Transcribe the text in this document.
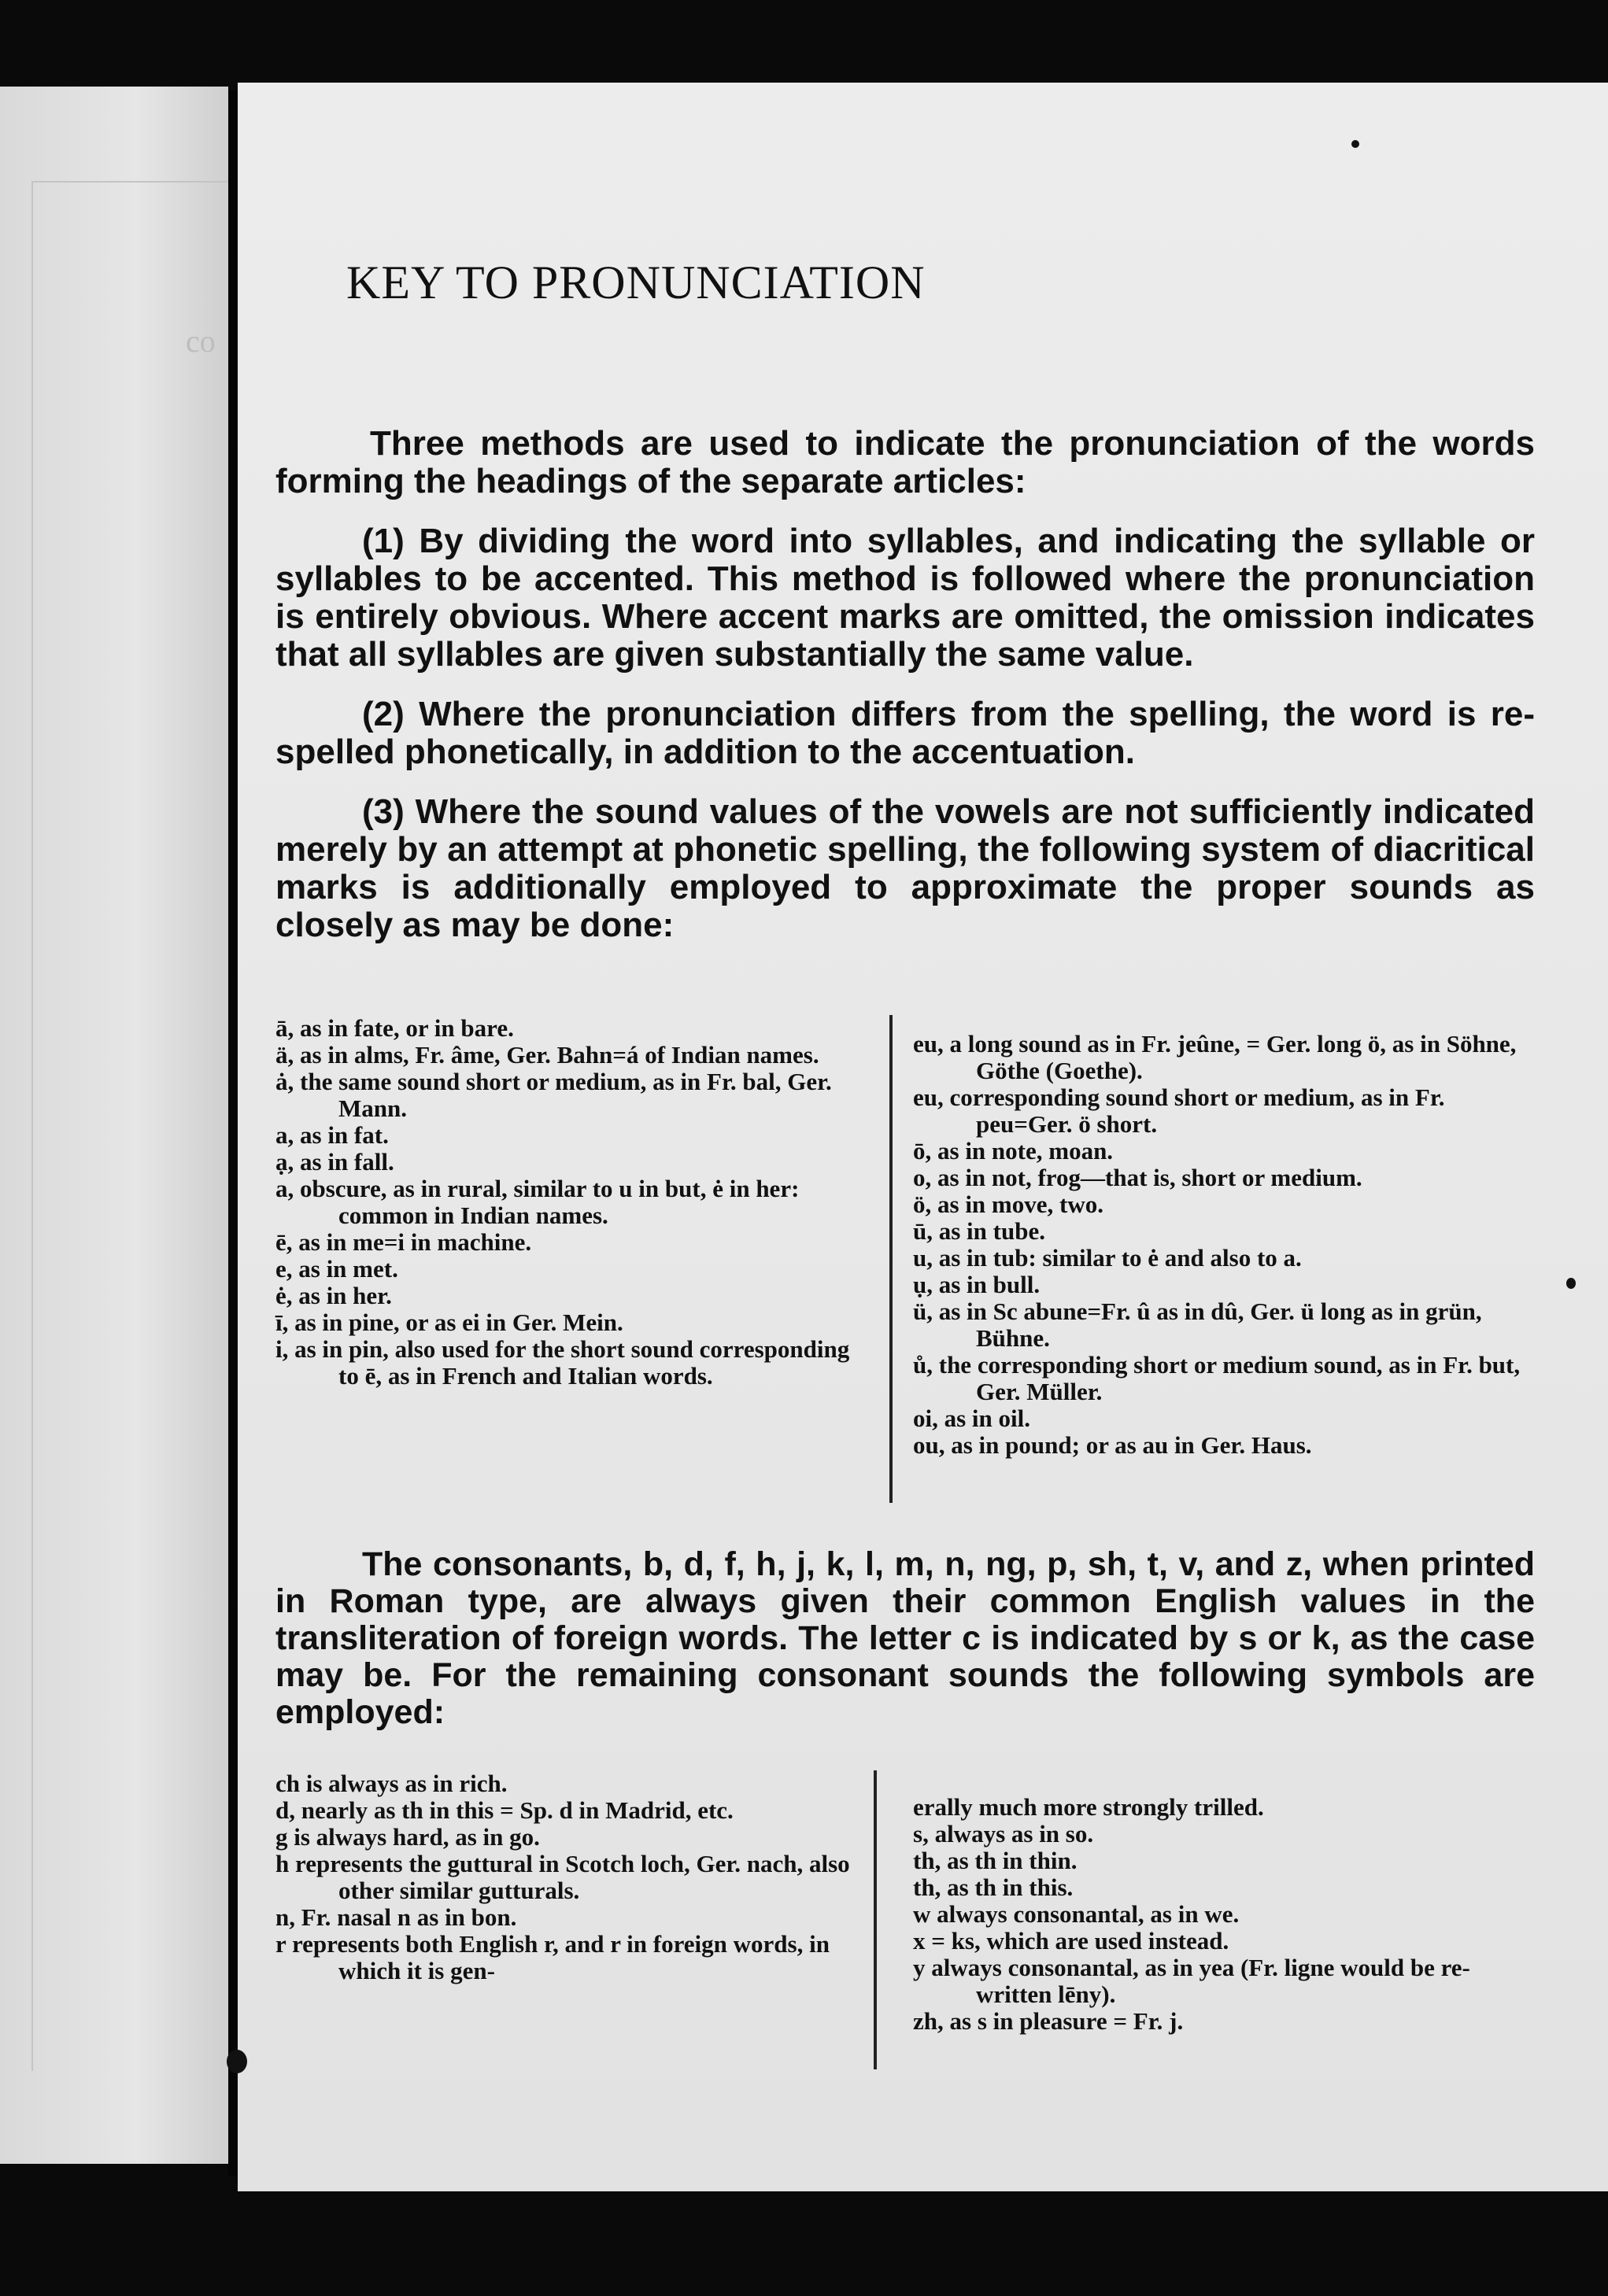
co
KEY TO PRONUNCIATION

Three methods are used to indicate the pronunciation of the words forming the headings of the separate articles:

(1) By dividing the word into syllables, and indicating the syllable or syllables to be accented. This method is followed where the pronunciation is entirely obvious. Where accent marks are omitted, the omission indicates that all syllables are given substantially the same value.

(2) Where the pronunciation differs from the spelling, the word is re-spelled phonetically, in addition to the accentuation.

(3) Where the sound values of the vowels are not sufficiently indicated merely by an attempt at phonetic spelling, the following system of diacritical marks is additionally employed to approximate the proper sounds as closely as may be done:

ā, as in fate, or in bare.

ä, as in alms, Fr. âme, Ger. Bahn=á of Indian names.

ȧ, the same sound short or medium, as in Fr. bal, Ger. Mann.

a, as in fat.

ạ, as in fall.

a, obscure, as in rural, similar to u in but, ė in her: common in Indian names.

ē, as in me=i in machine.

e, as in met.

ė, as in her.

ī, as in pine, or as ei in Ger. Mein.

i, as in pin, also used for the short sound corresponding to ē, as in French and Italian words.

eu, a long sound as in Fr. jeûne, = Ger. long ö, as in Söhne, Göthe (Goethe).

eu, corresponding sound short or medium, as in Fr. peu=Ger. ö short.

ō, as in note, moan.

o, as in not, frog—that is, short or medium.

ö, as in move, two.

ū, as in tube.

u, as in tub: similar to ė and also to a.

ụ, as in bull.

ü, as in Sc abune=Fr. û as in dû, Ger. ü long as in grün, Bühne.

ů, the corresponding short or medium sound, as in Fr. but, Ger. Müller.

oi, as in oil.

ou, as in pound; or as au in Ger. Haus.

The consonants, b, d, f, h, j, k, l, m, n, ng, p, sh, t, v, and z, when printed in Roman type, are always given their common English values in the transliteration of foreign words. The letter c is indicated by s or k, as the case may be. For the remaining consonant sounds the following symbols are employed:

ch is always as in rich.

d, nearly as th in this = Sp. d in Madrid, etc.

g is always hard, as in go.

h represents the guttural in Scotch loch, Ger. nach, also other similar gutturals.

n, Fr. nasal n as in bon.

r represents both English r, and r in foreign words, in which it is gen-

erally much more strongly trilled.

s, always as in so.

th, as th in thin.

th, as th in this.

w always consonantal, as in we.

x = ks, which are used instead.

y always consonantal, as in yea (Fr. ligne would be re-written lēny).

zh, as s in pleasure = Fr. j.
